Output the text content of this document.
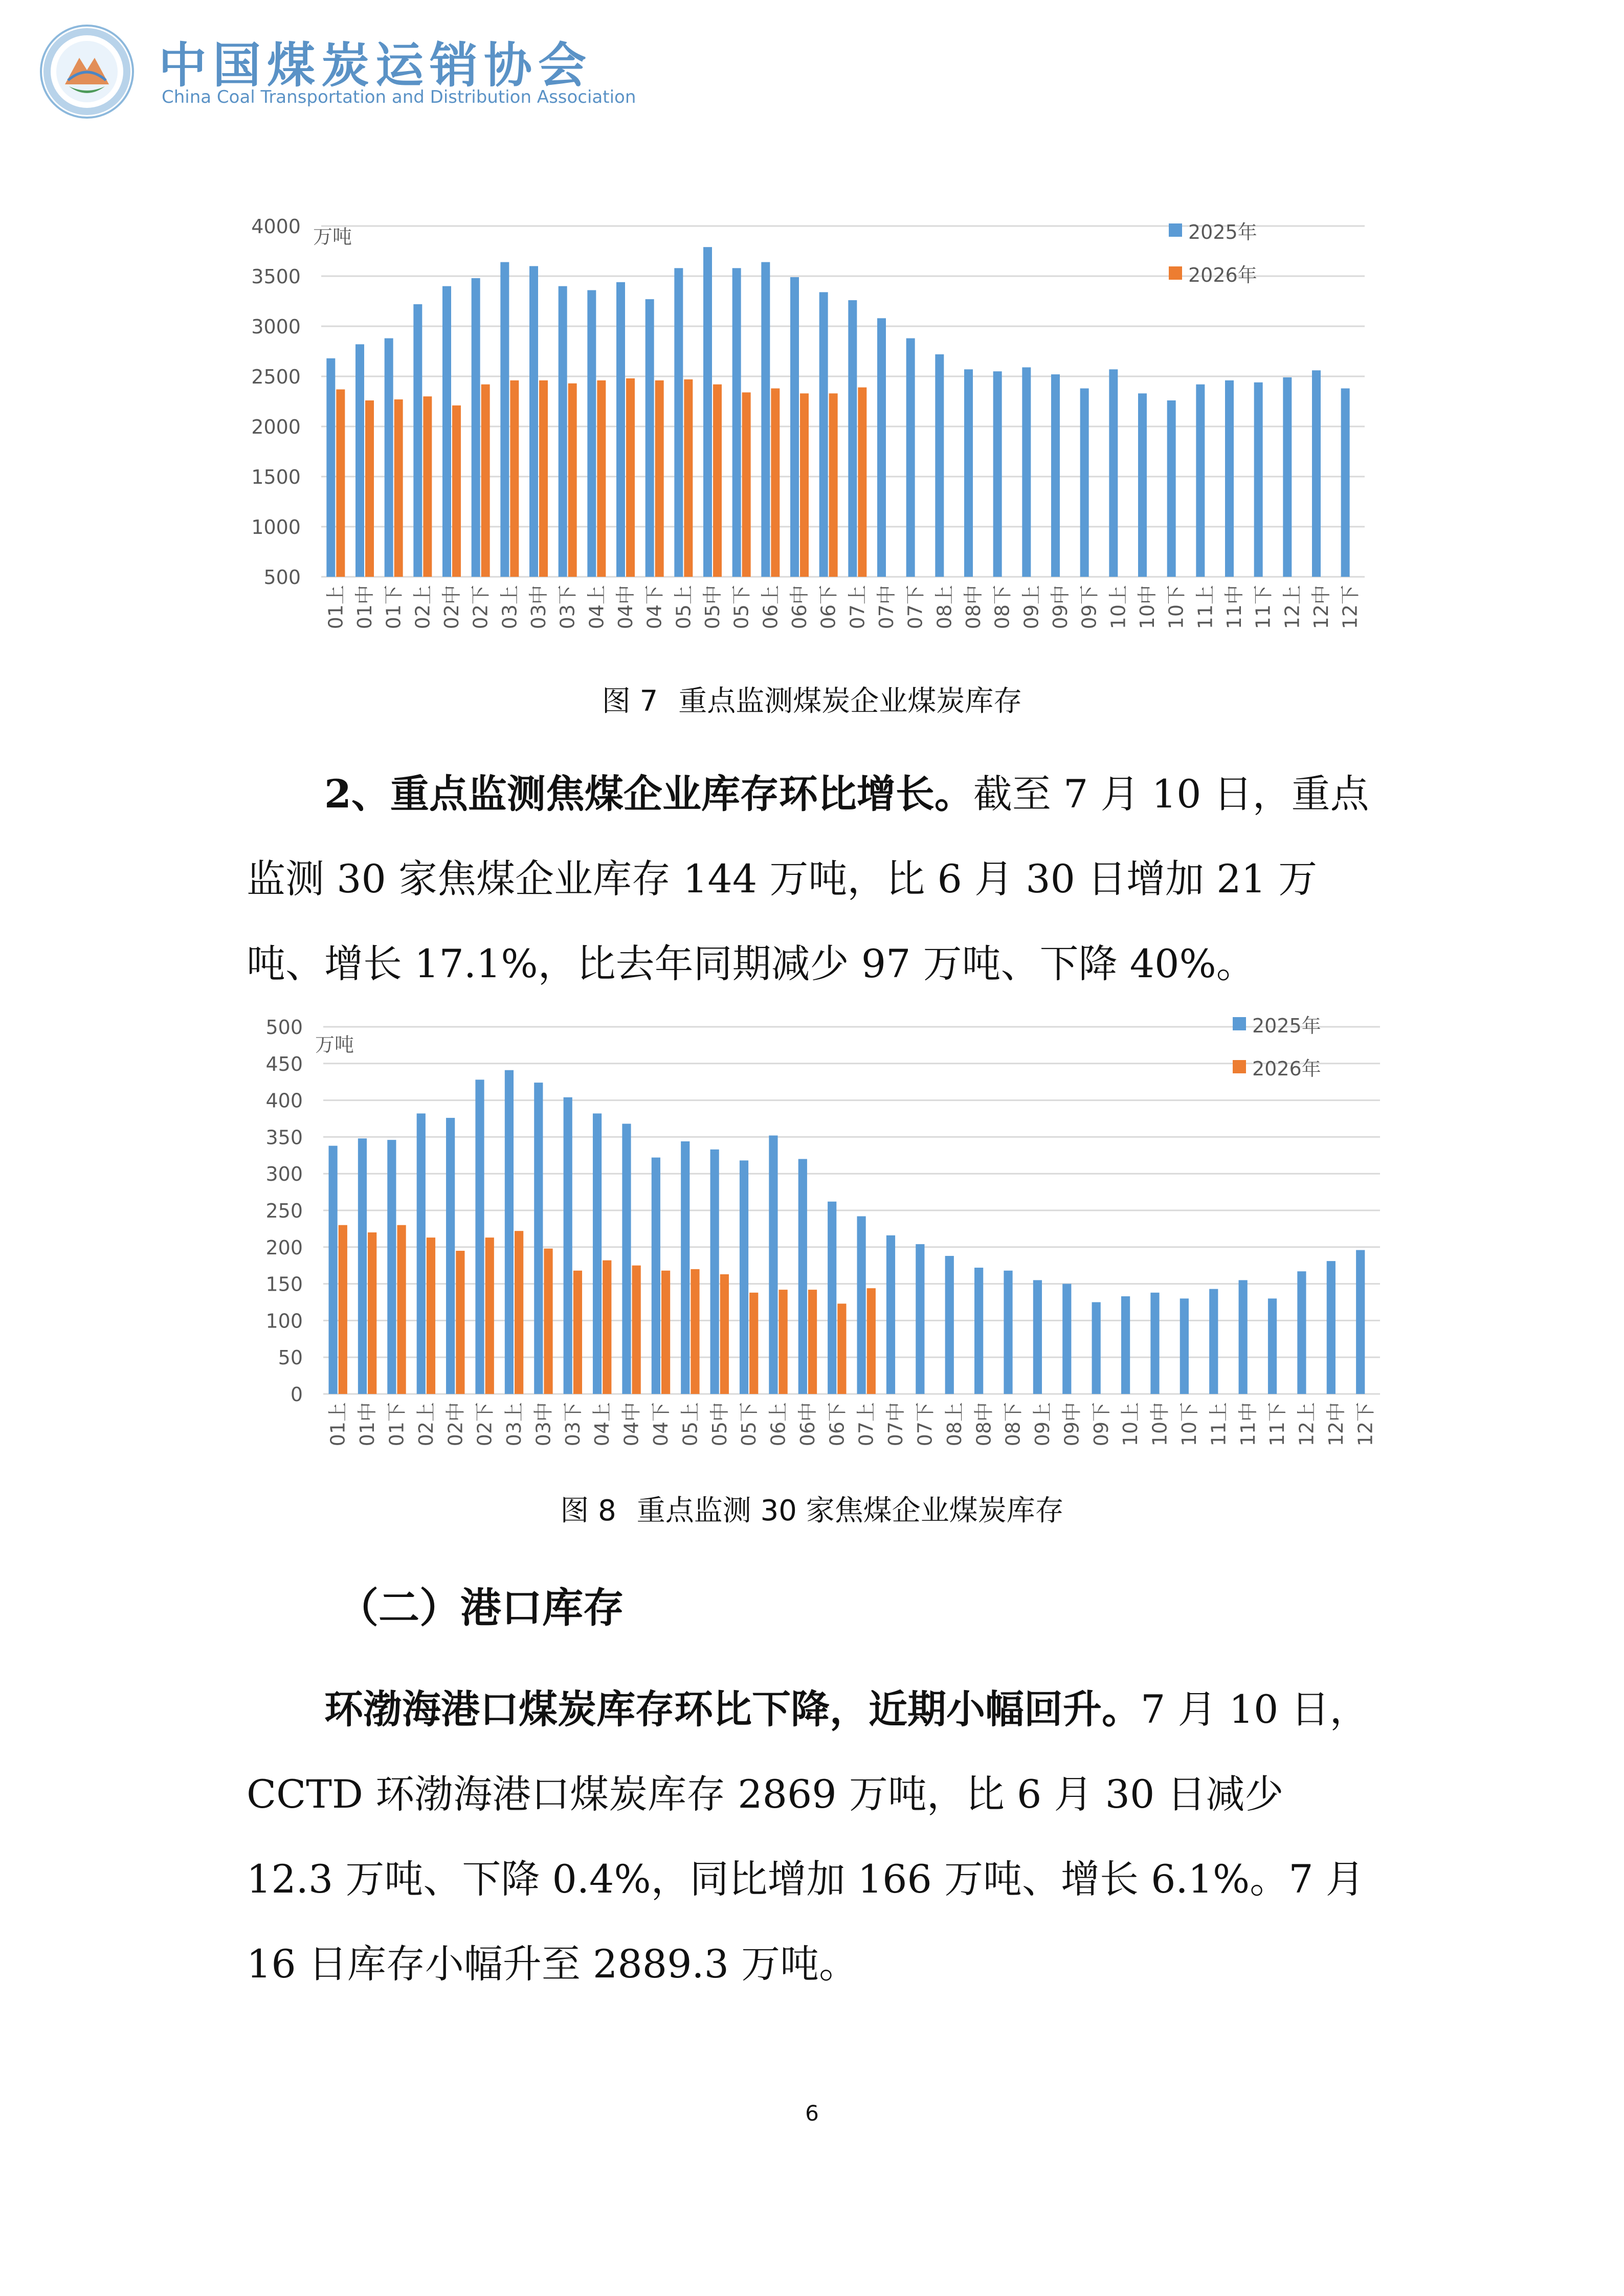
中国煤炭运销协会

China Coal Transportation and Distribution Association

500
1000
1500
2000
2500
3000
3500
4000
01上 01中 01下 02上 02中 02下 03上 03中 03下 04上 04中 04下 05上 05中 05下 06上 06中 06下 07上 07中 07下 08上 08中 08下 09上 09中 09下 10上 10中 10下 11上 11中 11下 12上 12中 12下

万吨	2025年
2026年

图 7 重点监测煤炭企业煤炭库存

2、重点监测焦煤企业库存环比增长。截至 7 月 10 日，重点监测 30 家焦煤企业库存 144 万吨，比 6 月 30 日增加 21 万吨、增长 17.1%，比去年同期减少 97 万吨、下降 40%。

0
50
100
150
200
250
300
350
400
450
500
01上 01中 01下 02上 02中 02下 03上 03中 03下 04上 04中 04下 05上 05中 05下 06上 06中 06下 07上 07中 07下 08上 08中 08下 09上 09中 09下 10上 10中 10下 11上 11中 11下 12上 12中 12下

万吨

2025年
2026年

图 8 重点监测 30 家焦煤企业煤炭库存

（二）港口库存

环渤海港口煤炭库存环比下降，近期小幅回升。7 月 10 日，CCTD 环渤海港口煤炭库存 2869 万吨，比 6 月 30 日减少 12.3 万吨、下降 0.4%，同比增加 166 万吨、增长 6.1%。7 月 16 日库存小幅升至 2889.3 万吨。

6
